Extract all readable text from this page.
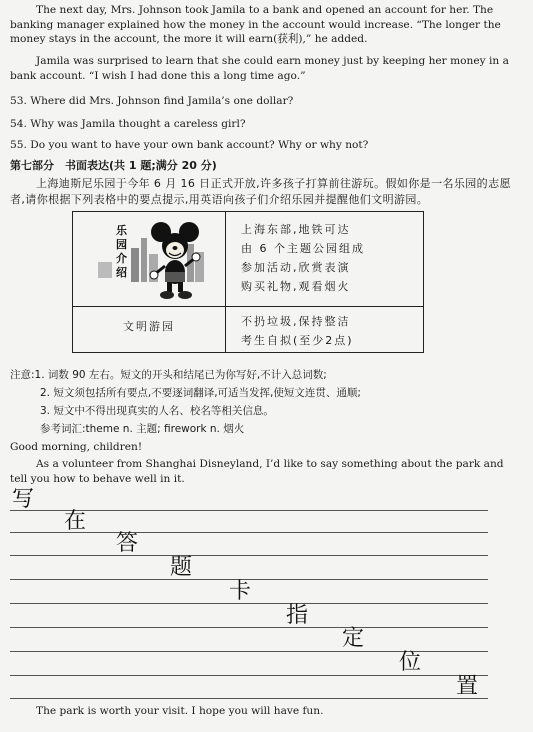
The next day, Mrs. Johnson took Jamila to a bank and opened an account for her. The banking manager explained how the money in the account would increase. “The longer the money stays in the account, the more it will earn(获利),” he added.

Jamila was surprised to learn that she could earn money just by keeping her money in a bank account. “I wish I had done this a long time ago.”

53. Where did Mrs. Johnson find Jamila’s one dollar?

54. Why was Jamila thought a careless girl?

55. Do you want to have your own bank account? Why or why not?

第七部分　书面表达(共 1 题;满分 20 分)

上海迪斯尼乐园于今年 6 月 16 日正式开放,许多孩子打算前往游玩。假如你是一名乐园的志愿者,请你根据下列表格中的要点提示,用英语向孩子们介绍乐园并提醒他们文明游园。

乐园介绍
上海东部,地铁可达
由 6 个主题公园组成
参加活动,欣赏表演
购买礼物,观看烟火
文明游园	不扔垃圾,保持整洁
考生自拟(至少2点)

注意:1. 词数 90 左右。短文的开头和结尾已为你写好,不计入总词数;

2. 短文须包括所有要点,不要逐词翻译,可适当发挥,使短文连贯、通顺;

3. 短文中不得出现真实的人名、校名等相关信息。

参考词汇:theme n. 主题; firework n. 烟火

Good morning, children!

As a volunteer from Shanghai Disneyland, I’d like to say something about the park and tell you how to behave well in it.

写
在
答
题
卡
指
定
位
置

The park is worth your visit. I hope you will have fun.
